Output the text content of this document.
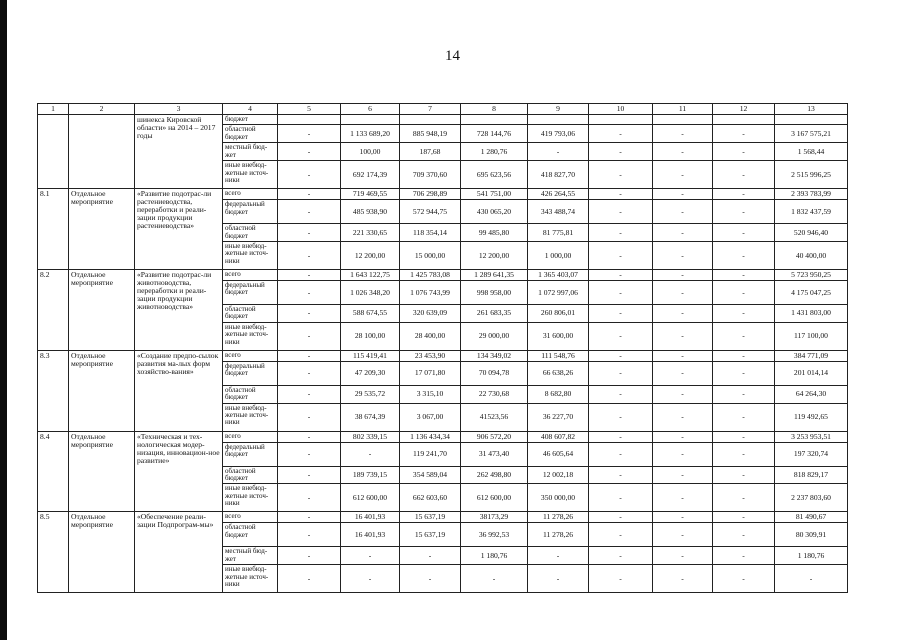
14
1	2	3	4	5	6	7	8	9	10	11	12	13
		шинекса Кировской области» на 2014 – 2017 годы	бюджет									
			областной бюджет	-	1 133 689,20	885 948,19	728 144,76	419 793,06	-	-	-	3 167 575,21
			местный бюд-жет	-	100,00	187,68	1 280,76	-	-	-	-	1 568,44
			иные внебюд-жетные источ-ники	-	692 174,39	709 370,60	695 623,56	418 827,70	-	-	-	2 515 996,25
8.1	Отдельное мероприятие	«Развитие подотрас-ли растениеводства, переработки и реали-зации продукции растениеводства»	всего	-	719 469,55	706 298,89	541 751,00	426 264,55	-	-	-	2 393 783,99
			федеральный бюджет	-	485 938,90	572 944,75	430 065,20	343 488,74	-	-	-	1 832 437,59
			областной бюджет	-	221 330,65	118 354,14	99 485,80	81 775,81	-	-	-	520 946,40
			иные внебюд-жетные источ-ники	-	12 200,00	15 000,00	12 200,00	1 000,00	-	-	-	40 400,00
8.2	Отдельное мероприятие	«Развитие подотрас-ли животноводства, переработки и реали-зации продукции животноводства»	всего	-	1 643 122,75	1 425 783,08	1 289 641,35	1 365 403,07	-	-	-	5 723 950,25
			федеральный бюджет	-	1 026 348,20	1 076 743,99	998 958,00	1 072 997,06	-	-	-	4 175 047,25
			областной бюджет	-	588 674,55	320 639,09	261 683,35	260 806,01	-	-	-	1 431 803,00
			иные внебюд-жетные источ-ники	-	28 100,00	28 400,00	29 000,00	31 600,00	-	-	-	117 100,00
8.3	Отдельное мероприятие	«Создание предпо-сылок развития ма-лых форм хозяйство-вания»	всего	-	115 419,41	23 453,90	134 349,02	111 548,76	-	-	-	384 771,09
			федеральный бюджет	-	47 209,30	17 071,80	70 094,78	66 638,26	-	-	-	201 014,14
			областной бюджет	-	29 535,72	3 315,10	22 730,68	8 682,80	-	-	-	64 264,30
			иные внебюд-жетные источ-ники	-	38 674,39	3 067,00	41523,56	36 227,70	-	-	-	119 492,65
8.4	Отдельное мероприятие	«Техническая и тех-нологическая модер-низация, инновацион-ное развитие»	всего	-	802 339,15	1 136 434,34	906 572,20	408 607,82	-	-	-	3 253 953,51
			федеральный бюджет	-	-	119 241,70	31 473,40	46 605,64	-	-	-	197 320,74
			областной бюджет	-	189 739,15	354 589,04	262 498,80	12 002,18	-	-	-	818 829,17
			иные внебюд-жетные источ-ники	-	612 600,00	662 603,60	612 600,00	350 000,00	-	-	-	2 237 803,60
8.5	Отдельное мероприятие	«Обеспечение реали-зации Подпрограм-мы»	всего	-	16 401,93	15 637,19	38173,29	11 278,26	-	-	-	81 490,67
			областной бюджет	-	16 401,93	15 637,19	36 992,53	11 278,26	-	-	-	80 309,91
			местный бюд-жет	-	-	-	1 180,76	-	-	-	-	1 180,76
			иные внебюд-жетные источ-ники	-	-	-	-	-	-	-	-	-
